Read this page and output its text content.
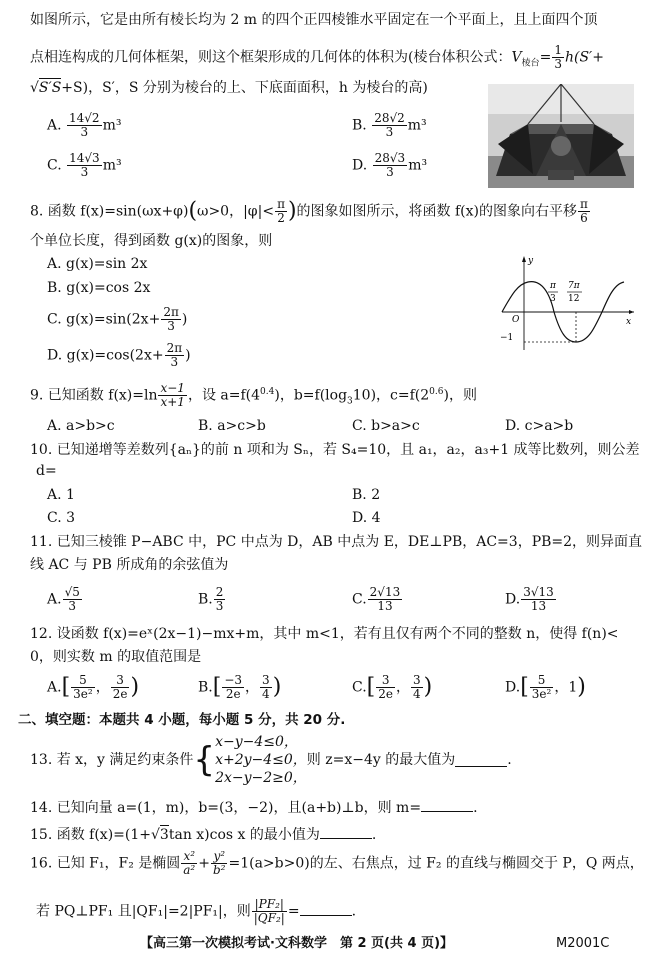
如图所示，它是由所有棱长均为 2 m 的四个正四棱锥水平固定在一个平面上，且上面四个顶
点相连构成的几何体框架，则这个框架形成的几何体的体积为(棱台体积公式：$V_{棱台}= \frac{1}{3} h(S'+$
√S′S+S)，S′，S 分别为棱台的上、下底面面积，h 为棱台的高)
A. $\frac{14√2}{3} m^3$	B. $\frac{28√2}{3} m^3$
C. $\frac{14√3}{3} m^3$	D. $\frac{28√3}{3} m^3$
8. 函数 f(x)=sin(ωx+φ)(ω>0，$|\varphi|< \frac{\pi}{2}$ )的图象如图所示，将函数 f(x)的图象向右平移 $\frac{\pi}{6}$
个单位长度，得到函数 g(x)的图象，则
A. g(x)=sin 2x
B. g(x)=cos 2x
C. $g(x)=\sin(2x+ \frac{2\pi}{3}$ )
D. $g(x)=\cos(2x+ \frac{2\pi}{3}$ )
y
x
O
−1
π
3
7π
12
9. 已知函数 $f(x)=\ln \frac{x-1}{x+1}$ ，设 $a=f(4^{0.4})$，$b=f(\log_310)$，$c=f(2^{0.6})$，则
A. a>b>c	B. a>c>b	C. b>a>c	D. c>a>b
10. 已知递增等差数列{aₙ}的前 n 项和为 Sₙ，若 S₄=10，且 a₁，a₂，a₃+1 成等比数列，则公差
d=
A. 1	B. 2
C. 3	D. 4
11. 已知三棱锥 P−ABC 中，PC 中点为 D，AB 中点为 E，DE⊥PB，AC=3，PB=2，则异面直
线 AC 与 PB 所成角的余弦值为
A. $\frac{√5}{3}$	B. $\frac{2}{3}$	C. $\frac{2√13}{13}$	D. $\frac{3√13}{13}$
12. 设函数 f(x)=eˣ(2x−1)−mx+m，其中 m<1，若有且仅有两个不同的整数 n，使得 f(n)<
0，则实数 m 的取值范围是
$A.[ \frac{5}{\text{3e²}}$ ， $\frac{3}{2e}$ )	$B.[ \frac{-3}{2e}$ ， $\frac{3}{4}$ )	$C.[ \frac{3}{2e}$ ， $\frac{3}{4}$ )	$D.[ \frac{5}{\text{3e²}}$ ，1)
二、填空题：本题共 4 小题，每小题 5 分，共 20 分.
13. 若 x，y 满足约束条件 { x−y−4≤0，
x+2y−4≤0，
2x−y−2≥0，
则 z=x−4y 的最大值为	.
14. 已知向量 a=(1，m)，b=(3，−2)，且(a+b)⊥b，则 m=	.
15. 函数 f(x)=(1+√3tan x)cos x 的最小值为	.
16. 已知 F₁，F₂ 是椭圆 $\frac{\text{x²}}{\text{a²}} + \frac{\text{y²}}{\text{b²}} =1(a>b>0)$的左、右焦点，过 F₂ 的直线与椭圆交于 P，Q 两点，
若 PQ⊥PF₁ 且|QF₁|=2|PF₁|，则 $\frac{\text{|PF₂|}}{\text{|QF₂|}}$ =	.
【高三第一次模拟考试·文科数学　第 2 页(共 4 页)】	M2001C
